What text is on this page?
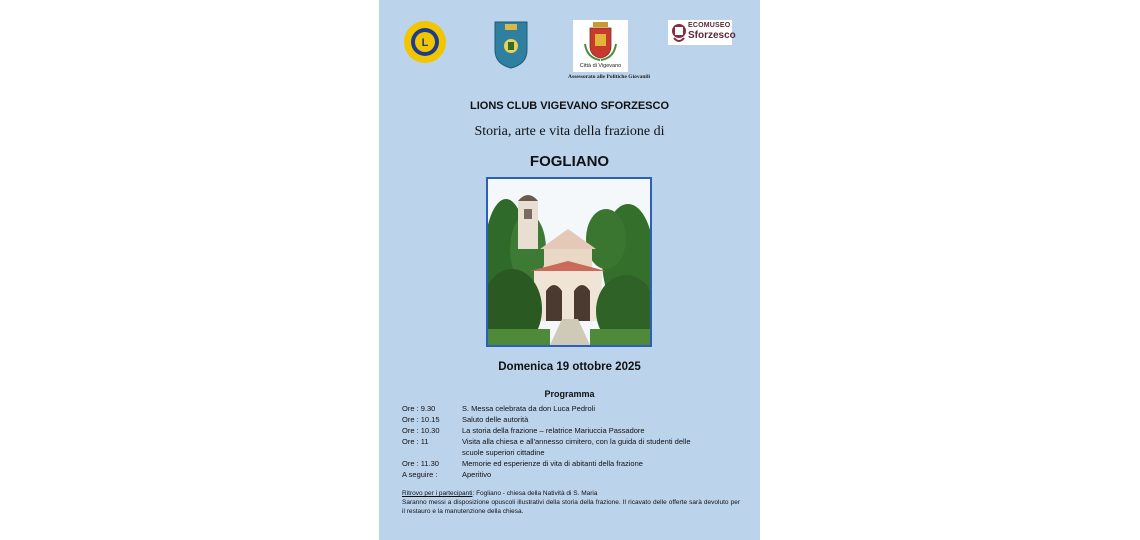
L
Città di Vigevano
Assessorato alle Politiche Giovanili
ECOMUSEO
Sforzesco
LIONS CLUB VIGEVANO SFORZESCO
Storia, arte e vita della frazione di
FOGLIANO
Domenica 19 ottobre 2025
Programma
Ore : 9.30	S. Messa celebrata da don Luca Pedroli
Ore : 10.15	Saluto delle autorità
Ore : 10.30	La storia della frazione – relatrice Mariuccia Passadore
Ore : 11	Visita alla chiesa e all'annesso cimitero, con la guida di studenti delle scuole superiori cittadine
Ore : 11.30	Memorie ed esperienze di vita di abitanti della frazione
A seguire :	Aperitivo
Ritrovo per i partecipanti: Fogliano - chiesa della Natività di S. Maria
Saranno messi a disposizione opuscoli illustrativi della storia della frazione. Il ricavato delle offerte sarà devoluto per il restauro e la manutenzione della chiesa.
